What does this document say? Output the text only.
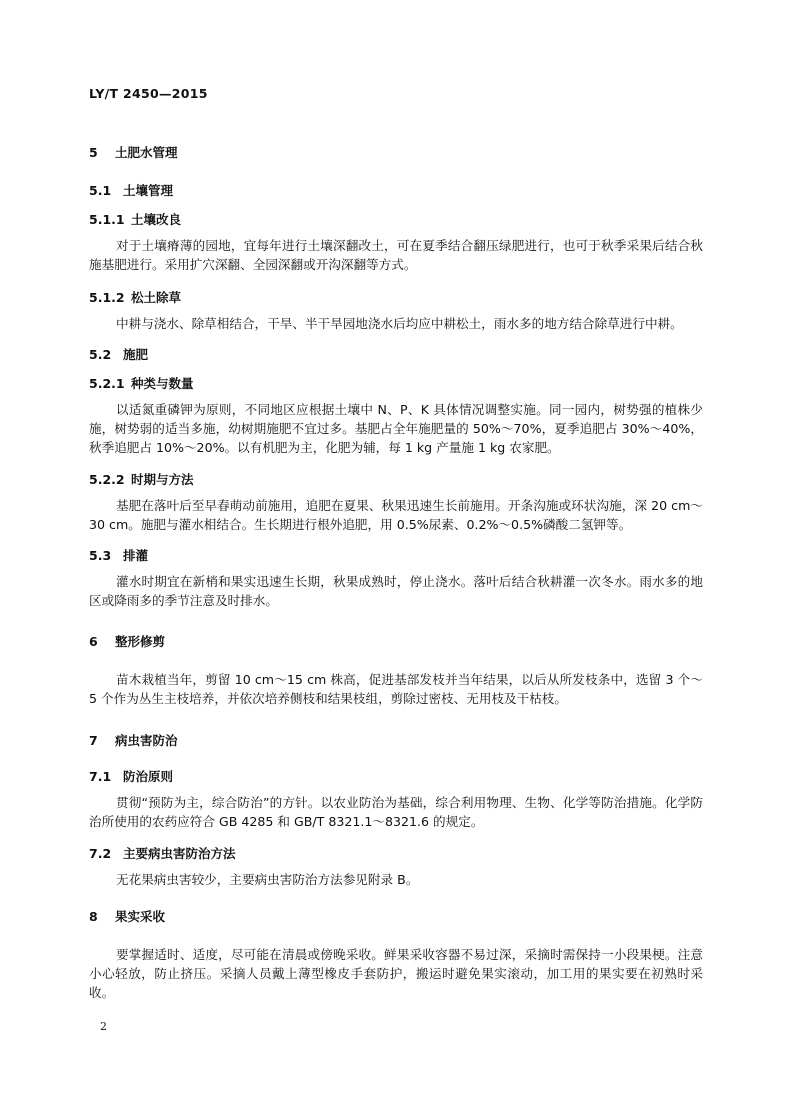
LY/T 2450—2015
5 土肥水管理
5.1 土壤管理
5.1.1 土壤改良
对于土壤瘠薄的园地，宜每年进行土壤深翻改土，可在夏季结合翻压绿肥进行，也可于秋季采果后结合秋施基肥进行。采用扩穴深翻、全园深翻或开沟深翻等方式。
5.1.2 松土除草
中耕与浇水、除草相结合，干旱、半干旱园地浇水后均应中耕松土，雨水多的地方结合除草进行中耕。
5.2 施肥
5.2.1 种类与数量
以适氮重磷钾为原则，不同地区应根据土壤中 N、P、K 具体情况调整实施。同一园内，树势强的植株少施，树势弱的适当多施，幼树期施肥不宜过多。基肥占全年施肥量的 50%～70%，夏季追肥占 30%～40%，秋季追肥占 10%～20%。以有机肥为主，化肥为辅，每 1 kg 产量施 1 kg 农家肥。
5.2.2 时期与方法
基肥在落叶后至早春萌动前施用，追肥在夏果、秋果迅速生长前施用。开条沟施或环状沟施，深 20 cm～30 cm。施肥与灌水相结合。生长期进行根外追肥，用 0.5%尿素、0.2%～0.5%磷酸二氢钾等。
5.3 排灌
灌水时期宜在新梢和果实迅速生长期，秋果成熟时，停止浇水。落叶后结合秋耕灌一次冬水。雨水多的地区或降雨多的季节注意及时排水。
6 整形修剪
苗木栽植当年，剪留 10 cm～15 cm 株高，促进基部发枝并当年结果，以后从所发枝条中，选留 3 个～5 个作为丛生主枝培养，并依次培养侧枝和结果枝组，剪除过密枝、无用枝及干枯枝。
7 病虫害防治
7.1 防治原则
贯彻“预防为主，综合防治”的方针。以农业防治为基础，综合利用物理、生物、化学等防治措施。化学防治所使用的农药应符合 GB 4285 和 GB/T 8321.1～8321.6 的规定。
7.2 主要病虫害防治方法
无花果病虫害较少，主要病虫害防治方法参见附录 B。
8 果实采收
要掌握适时、适度，尽可能在清晨或傍晚采收。鲜果采收容器不易过深，采摘时需保持一小段果梗。注意小心轻放，防止挤压。采摘人员戴上薄型橡皮手套防护，搬运时避免果实滚动，加工用的果实要在初熟时采收。
2
